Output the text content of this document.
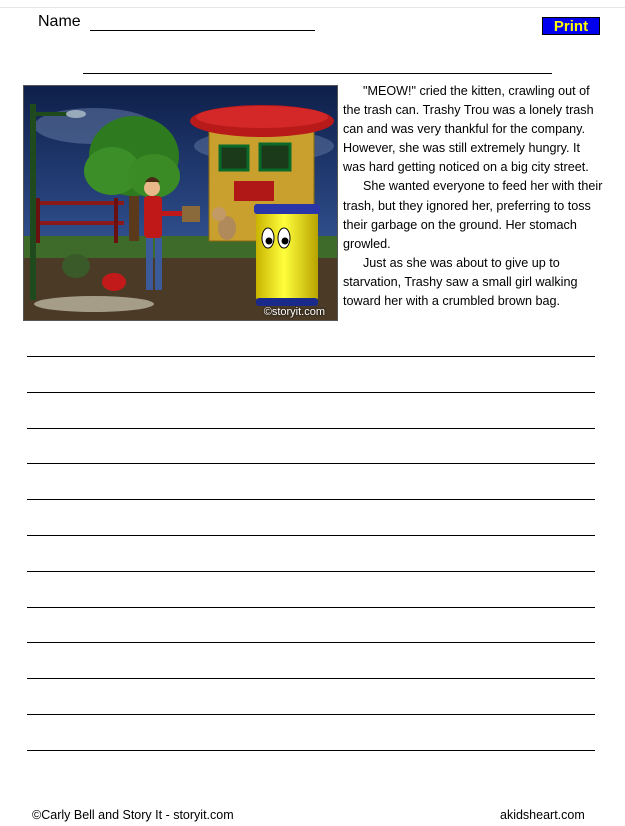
Name	Print
©storyit.com

"MEOW!" cried the kitten, crawling out of the trash can. Trashy Trou was a lonely trash can and was very thankful for the company. However, she was still extremely hungry. It was hard getting noticed on a big city street.

She wanted everyone to feed her with their trash, but they ignored her, preferring to toss their garbage on the ground. Her stomach growled.

Just as she was about to give up to starvation, Trashy saw a small girl walking toward her with a crumbled brown bag.

©Carly Bell and Story It - storyit.com	akidsheart.com
